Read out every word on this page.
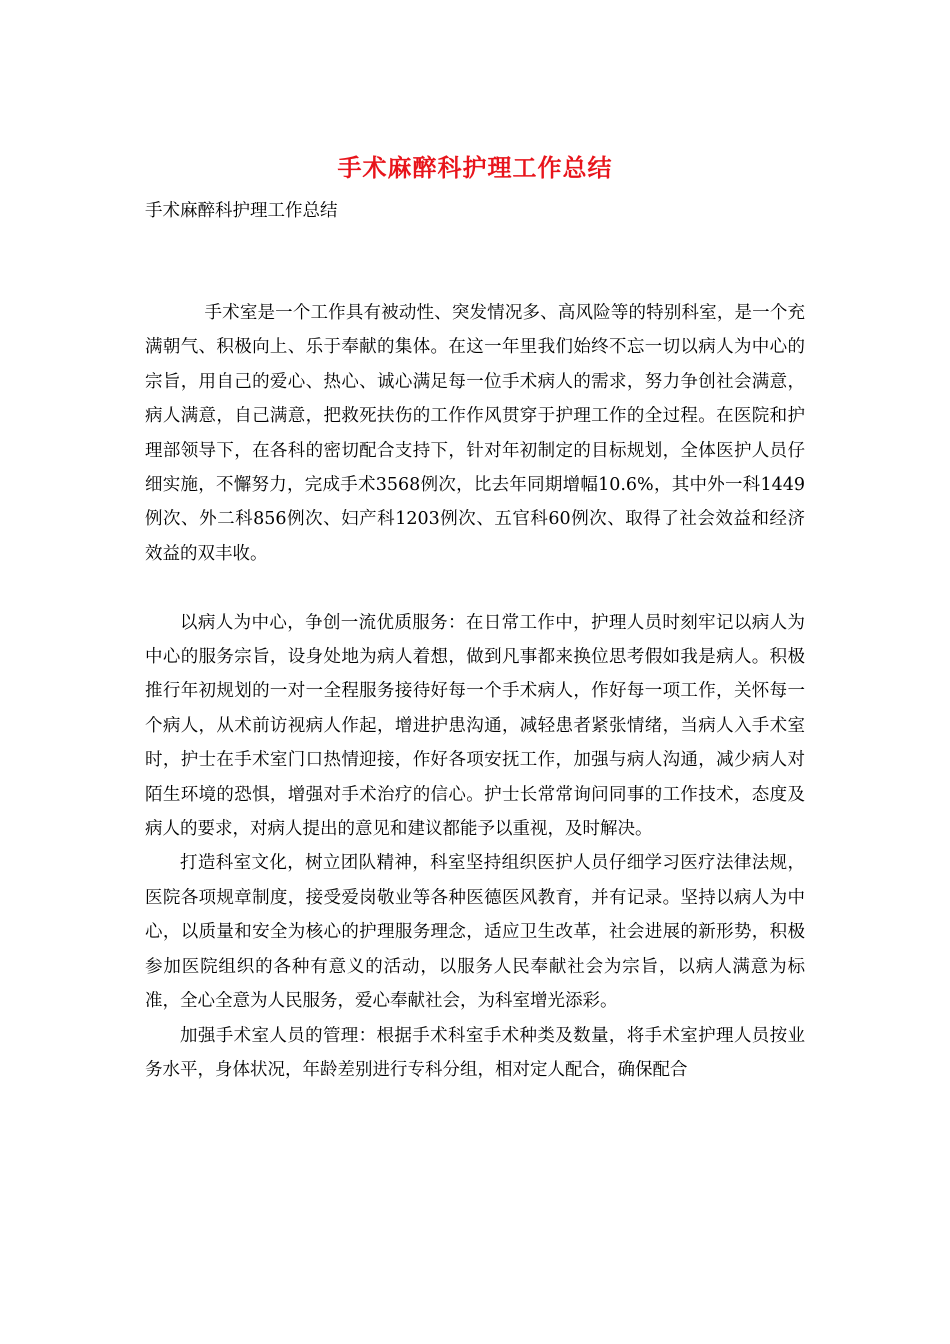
手术麻醉科护理工作总结
手术麻醉科护理工作总结

手术室是一个工作具有被动性、突发情况多、高风险等的特别科室，是一个充满朝气、积极向上、乐于奉献的集体。在这一年里我们始终不忘一切以病人为中心的宗旨，用自己的爱心、热心、诚心满足每一位手术病人的需求，努力争创社会满意，病人满意，自己满意，把救死扶伤的工作作风贯穿于护理工作的全过程。在医院和护理部领导下，在各科的密切配合支持下，针对年初制定的目标规划，全体医护人员仔细实施，不懈努力，完成手术3568例次，比去年同期增幅10.6%，其中外一科1449例次、外二科856例次、妇产科1203例次、五官科60例次、取得了社会效益和经济效益的双丰收。

以病人为中心，争创一流优质服务：在日常工作中，护理人员时刻牢记以病人为中心的服务宗旨，设身处地为病人着想，做到凡事都来换位思考假如我是病人。积极推行年初规划的一对一全程服务接待好每一个手术病人，作好每一项工作，关怀每一个病人，从术前访视病人作起，增进护患沟通，减轻患者紧张情绪，当病人入手术室时，护士在手术室门口热情迎接，作好各项安抚工作，加强与病人沟通，减少病人对陌生环境的恐惧，增强对手术治疗的信心。护士长常常询问同事的工作技术，态度及病人的要求，对病人提出的意见和建议都能予以重视，及时解决。

打造科室文化，树立团队精神，科室坚持组织医护人员仔细学习医疗法律法规，医院各项规章制度，接受爱岗敬业等各种医德医风教育，并有记录。坚持以病人为中心，以质量和安全为核心的护理服务理念，适应卫生改革，社会进展的新形势，积极参加医院组织的各种有意义的活动，以服务人民奉献社会为宗旨，以病人满意为标准，全心全意为人民服务，爱心奉献社会，为科室增光添彩。

加强手术室人员的管理：根据手术科室手术种类及数量，将手术室护理人员按业务水平，身体状况，年龄差别进行专科分组，相对定人配合，确保配合
